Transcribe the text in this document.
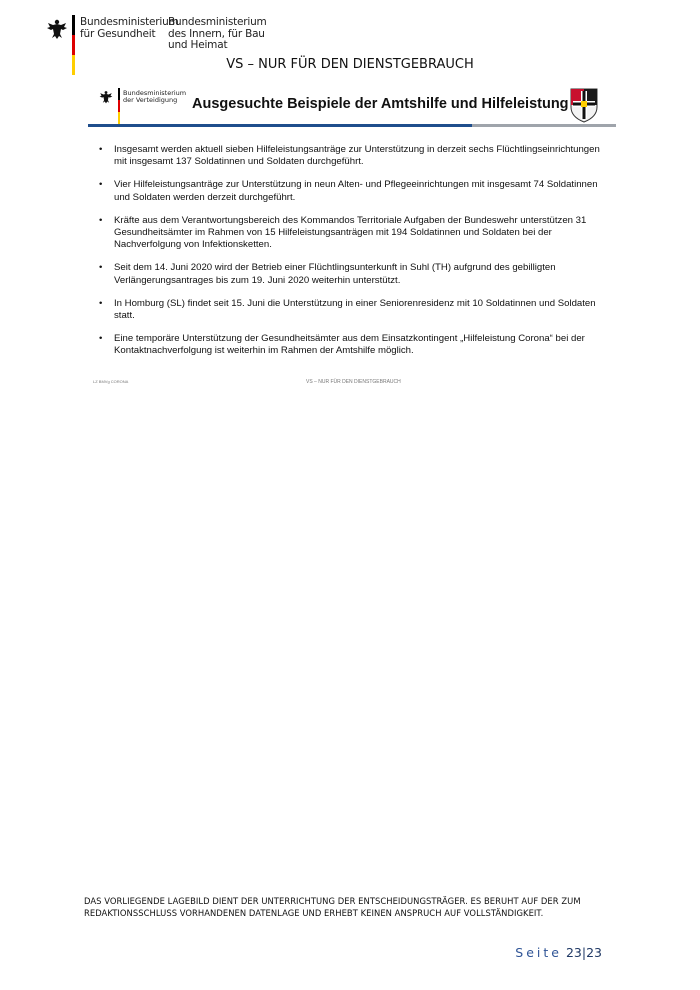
Bundesministerium
für Gesundheit
Bundesministerium
des Innern, für Bau
und Heimat
VS – NUR FÜR DEN DIENSTGEBRAUCH
Bundesministerium
der Verteidigung	Ausgesuchte Beispiele der Amtshilfe und Hilfeleistung
• Insgesamt werden aktuell sieben Hilfeleistungsanträge zur Unterstützung in derzeit sechs Flüchtlingseinrichtungen mit insgesamt 137 Soldatinnen und Soldaten durchgeführt.
• Vier Hilfeleistungsanträge zur Unterstützung in neun Alten- und Pflegeeinrichtungen mit insgesamt 74 Soldatinnen und Soldaten werden derzeit durchgeführt.
• Kräfte aus dem Verantwortungsbereich des Kommandos Territoriale Aufgaben der Bundeswehr unterstützen 31 Gesundheitsämter im Rahmen von 15 Hilfeleistungsanträgen mit 194 Soldatinnen und Soldaten bei der Nachverfolgung von Infektionsketten.
• Seit dem 14. Juni 2020 wird der Betrieb einer Flüchtlingsunterkunft in Suhl (TH) aufgrund des gebilligten Verlängerungsantrages bis zum 19. Juni 2020 weiterhin unterstützt.
• In Homburg (SL) findet seit 15. Juni die Unterstützung in einer Seniorenresidenz mit 10 Soldatinnen und Soldaten statt.
• Eine temporäre Unterstützung der Gesundheitsämter aus dem Einsatzkontingent „Hilfeleistung Corona“ bei der Kontaktnachverfolgung ist weiterhin im Rahmen der Amtshilfe möglich.
LZ BMVg CORONA	VS – NUR FÜR DEN DIENSTGEBRAUCH
DAS VORLIEGENDE LAGEBILD DIENT DER UNTERRICHTUNG DER ENTSCHEIDUNGSTRÄGER. ES BERUHT AUF DER ZUM
REDAKTIONSSCHLUSS VORHANDENEN DATENLAGE UND ERHEBT KEINEN ANSPRUCH AUF VOLLSTÄNDIGKEIT.
Seite 23|23
